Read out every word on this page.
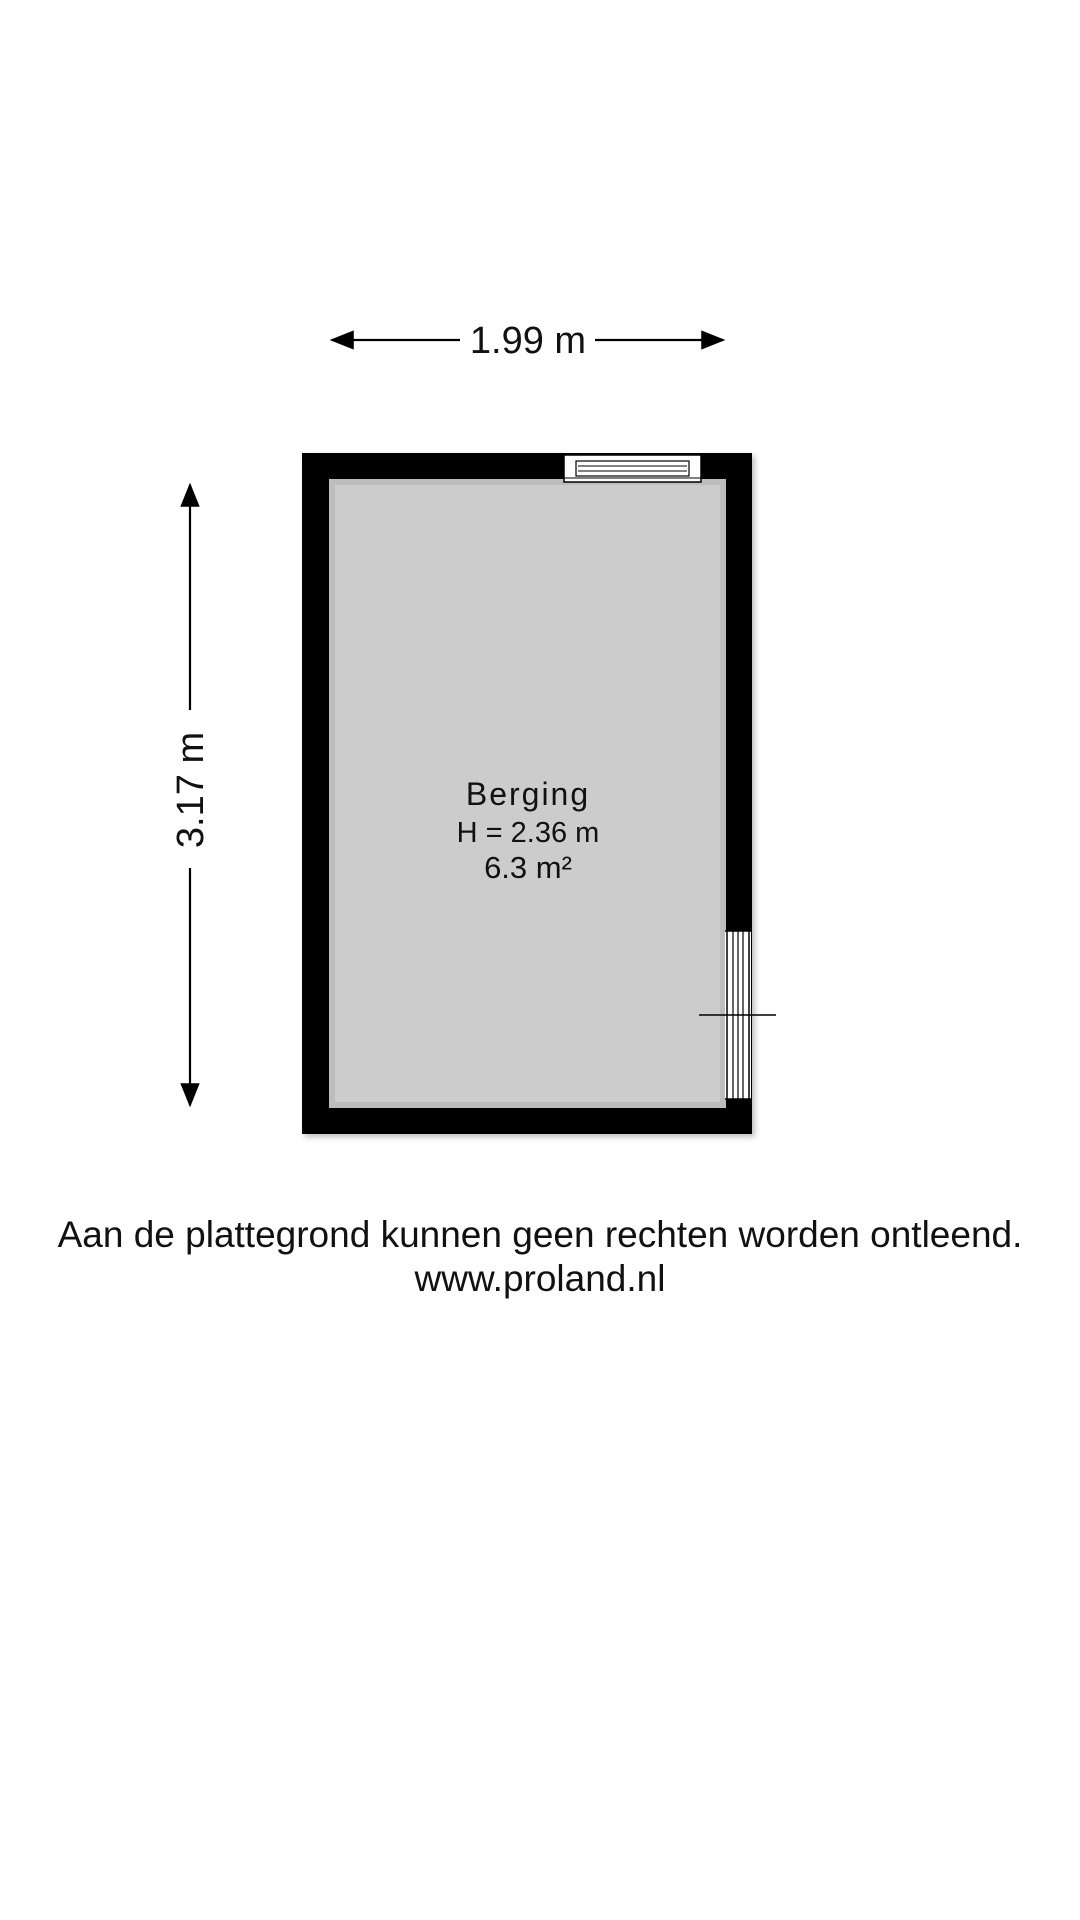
1.99 m
3.17 m	Berging
H = 2.36 m
6.3 m²
Aan de plattegrond kunnen geen rechten worden ontleend.
www.proland.nl
